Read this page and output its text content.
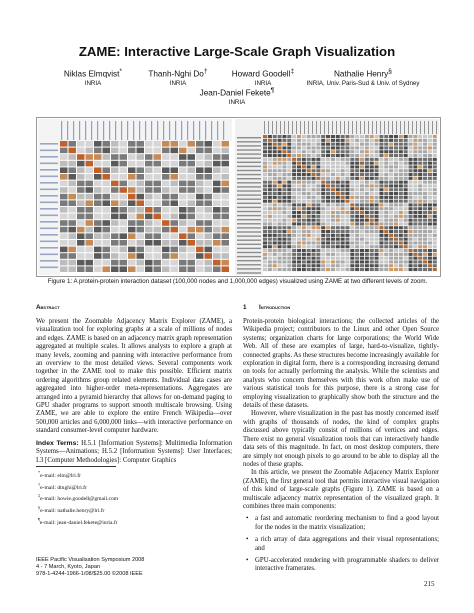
ZAME: Interactive Large-Scale Graph Visualization
Niklas Elmqvist*
INRIA
Thanh-Nghi Do†
INRIA
Howard Goodell‡
INRIA
Nathalie Henry§
INRIA, Univ. Paris-Sud & Univ. of Sydney
Jean-Daniel Fekete¶
INRIA
Figure 1: A protein-protein interaction dataset (100,000 nodes and 1,000,000 edges) visualized using ZAME at two different levels of zoom.
Abstract

We present the Zoomable Adjacency Matrix Explorer (ZAME), a visualization tool for exploring graphs at a scale of millions of nodes and edges. ZAME is based on an adjacency matrix graph representation aggregated at multiple scales. It allows analysts to explore a graph at many levels, zooming and panning with interactive performance from an overview to the most detailed views. Several components work together in the ZAME tool to make this possible. Efficient matrix ordering algorithms group related elements. Individual data cases are aggregated into higher-order meta-representations. Aggregates are arranged into a pyramid hierarchy that allows for on-demand paging to GPU shader programs to support smooth multiscale browsing. Using ZAME, we are able to explore the entire French Wikipedia—over 500,000 articles and 6,000,000 links—with interactive performance on standard consumer-level computer hardware.

Index Terms: H.5.1 [Information Systems]: Multimedia Information Systems—Animations; H.5.2 [Information Systems]: User Interfaces; I.3 [Computer Methodologies]: Computer Graphics

*e-mail: elm@lri.fr
†e-mail: dtnghi@lri.fr
‡e-mail: howie.goodell@gmail.com
§e-mail: nathalie.henry@lri.fr
¶e-mail: jean-daniel.fekete@inria.fr
IEEE Pacific Visualisation Symposium 2008
4 - 7 March, Kyoto, Japan
978-1-4244-1966-1/08/$25.00 ©2008 IEEE
1 Introduction

Protein-protein biological interactions; the collected articles of the Wikipedia project; contributors to the Linux and other Open Source systems; organization charts for large corporations; the World Wide Web. All of these are examples of large, hard-to-visualize, tightly-connected graphs. As these structures become increasingly available for exploration in digital form, there is a corresponding increasing demand on tools for actually performing the analysis. While the scientists and analysts who concern themselves with this work often make use of various statistical tools for this purpose, there is a strong case for employing visualization to graphically show both the structure and the details of these datasets.

However, where visualization in the past has mostly concerned itself with graphs of thousands of nodes, the kind of complex graphs discussed above typically consist of millions of vertices and edges. There exist no general visualization tools that can interactively handle data sets of this magnitude. In fact, on most desktop computers, there are simply not enough pixels to go around to be able to display all the nodes of these graphs.

In this article, we present the Zoomable Adjacency Matrix Explorer (ZAME), the first general tool that permits interactive visual navigation of this kind of large-scale graphs (Figure 1). ZAME is based on a multiscale adjacency matrix representation of the visualized graph. It combines three main components:

• a fast and automatic reordering mechanism to find a good layout for the nodes in the matrix visualization;
• a rich array of data aggregations and their visual representations; and
• GPU-accelerated rendering with programmable shaders to deliver interactive framerates.
215
